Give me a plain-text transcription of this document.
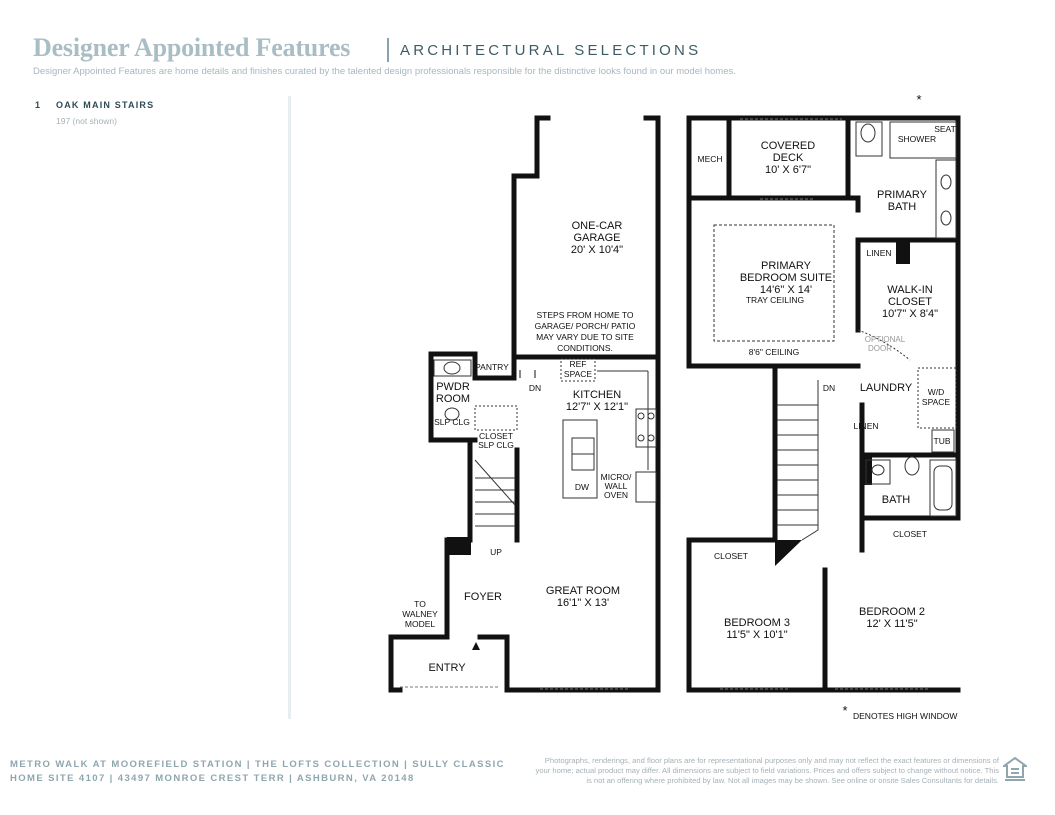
Designer Appointed Features	ARCHITECTURAL SELECTIONS
Designer Appointed Features are home details and finishes curated by the talented design professionals responsible for the distinctive looks found in our model homes.
1 OAK MAIN STAIRS
197 (not shown)
ONE-CAR
GARAGE
20' X 10'4"
STEPS FROM HOME TO
GARAGE/ PORCH/ PATIO
MAY VARY DUE TO SITE
CONDITIONS.
PANTRY
DN
REF
SPACE
KITCHEN
12'7" X 12'1"
PWDR
ROOM
SLP CLG
CLOSET
SLP CLG
DW
MICRO/
WALL
OVEN
UP
FOYER	GREAT ROOM
16'1" X 13'
TO
WALNEY
MODEL
ENTRY
MECH
COVERED
DECK
10' X 6'7"
SHOWER
SEAT
PRIMARY
BATH
PRIMARY
BEDROOM SUITE
14'6" X 14'
TRAY CEILING
8'6" CEILING
LINEN
WALK-IN
CLOSET
10'7" X 8'4"
OPTIONAL
DOOR
DN LAUNDRY W/D
SPACE
LINEN
TUB
BATH
CLOSET
CLOSET
BEDROOM 3
11'5" X 10'1"
BEDROOM 2
12' X 11'5"
*
* DENOTES HIGH WINDOW
METRO WALK AT MOOREFIELD STATION | THE LOFTS COLLECTION | SULLY CLASSIC
HOME SITE 4107 | 43497 MONROE CREST TERR | ASHBURN, VA 20148
Photographs, renderings, and floor plans are for representational purposes only and may not reflect the exact features or dimensions of your home; actual product may differ. All dimensions are subject to field variations. Prices and offers subject to change without notice. This is not an offering where prohibited by law. Not all images may be shown. See online or onsite Sales Consultants for details.
